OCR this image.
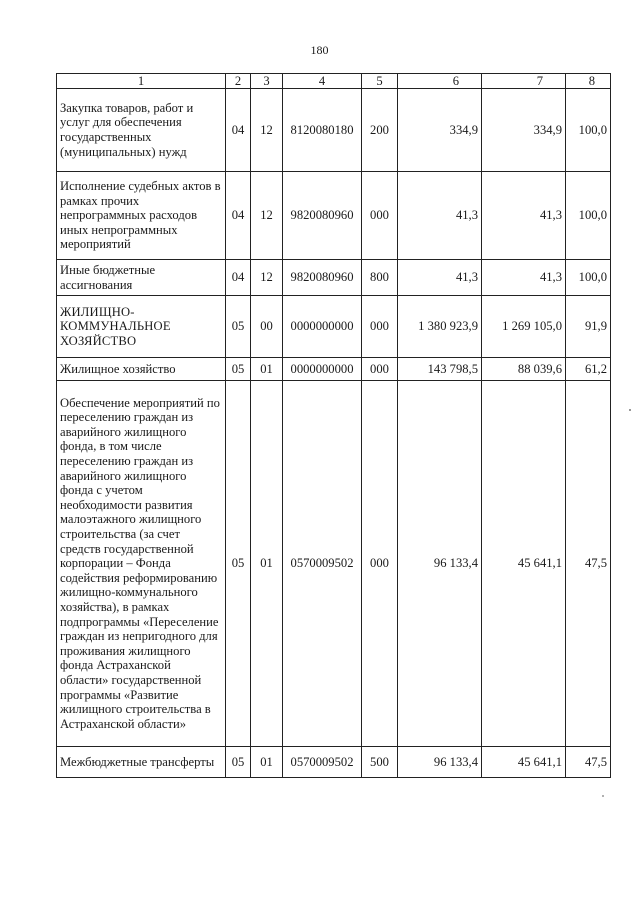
180
1	2	3	4	5	6	7	8
Закупка товаров, работ и услуг для обеспечения государственных (муниципальных) нужд	04	12	8120080180	200	334,9	334,9	100,0
Исполнение судебных актов в рамках прочих непрограммных расходов иных непрограммных мероприятий	04	12	9820080960	000	41,3	41,3	100,0
Иные бюджетные ассигнования	04	12	9820080960	800	41,3	41,3	100,0
ЖИЛИЩНО-КОММУНАЛЬНОЕ ХОЗЯЙСТВО	05	00	0000000000	000	1 380 923,9	1 269 105,0	91,9
Жилищное хозяйство	05	01	0000000000	000	143 798,5	88 039,6	61,2
Обеспечение мероприятий по переселению граждан из аварийного жилищного фонда, в том числе переселению граждан из аварийного жилищного фонда с учетом необходимости развития малоэтажного жилищного строительства (за счет средств государственной корпорации – Фонда содействия реформированию жилищно-коммунального хозяйства), в рамках подпрограммы «Переселение граждан из непригодного для проживания жилищного фонда Астраханской области» государственной программы «Развитие жилищного строительства в Астраханской области»	05	01	0570009502	000	96 133,4	45 641,1	47,5
Межбюджетные трансферты	05	01	0570009502	500	96 133,4	45 641,1	47,5
